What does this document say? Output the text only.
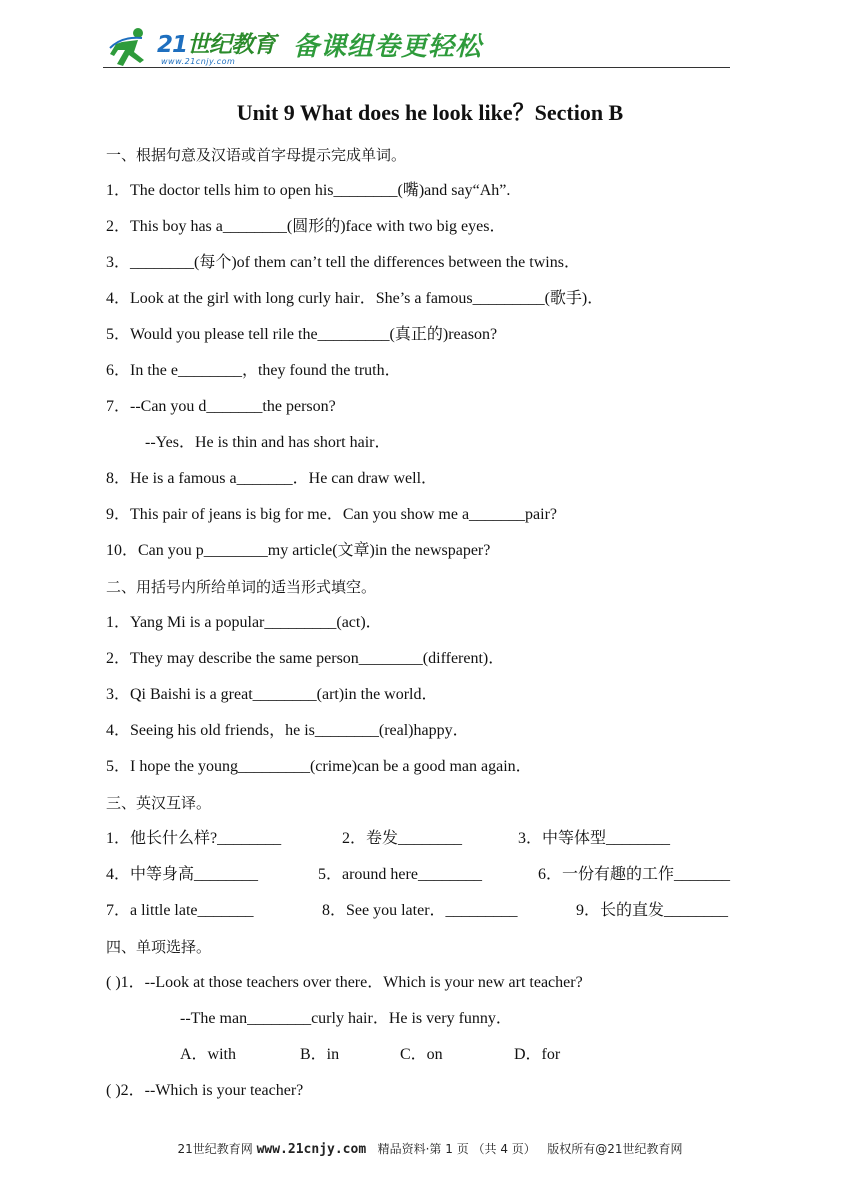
21世纪教育
www.21cnjy.com 备课组卷更轻松
Unit 9 What does he look like？Section B
一、根据句意及汉语或首字母提示完成单词。
1．The doctor tells him to open his________(嘴)and say“Ah”.
2．This boy has a________(圆形的)face with two big eyes．
3．________(每个)of them can’t tell the differences between the twins．
4．Look at the girl with long curly hair．She’s a famous_________(歌手)．
5．Would you please tell rile the_________(真正的)reason?
6．In the e________，they found the truth．
7．--Can you d_______the person?
--Yes．He is thin and has short hair．
8．He is a famous a_______．He can draw well．
9．This pair of jeans is big for me．Can you show me a_______pair?
10．Can you p________my article(文章)in the newspaper?
二、用括号内所给单词的适当形式填空。
1．Yang Mi is a popular_________(act)．
2．They may describe the same person________(different)．
3．Qi Baishi is a great________(art)in the world．
4．Seeing his old friends，he is________(real)happy．
5．I hope the young_________(crime)can be a good man again．
三、英汉互译。
1．他长什么样?________	2．卷发________	3．中等体型________
4．中等身高________	5．around here________	6．一份有趣的工作_______
7．a little late_______	8．See you later．_________	9．长的直发________
四、单项选择。
( )1．--Look at those teachers over there．Which is your new art teacher?
--The man________curly hair．He is very funny．
A．with	B．in	C．on	D．for
( )2．--Which is your teacher?
21世纪教育网 www.21cnjy.com 精品资料·第 1 页 （共 4 页） 版权所有@21世纪教育网
